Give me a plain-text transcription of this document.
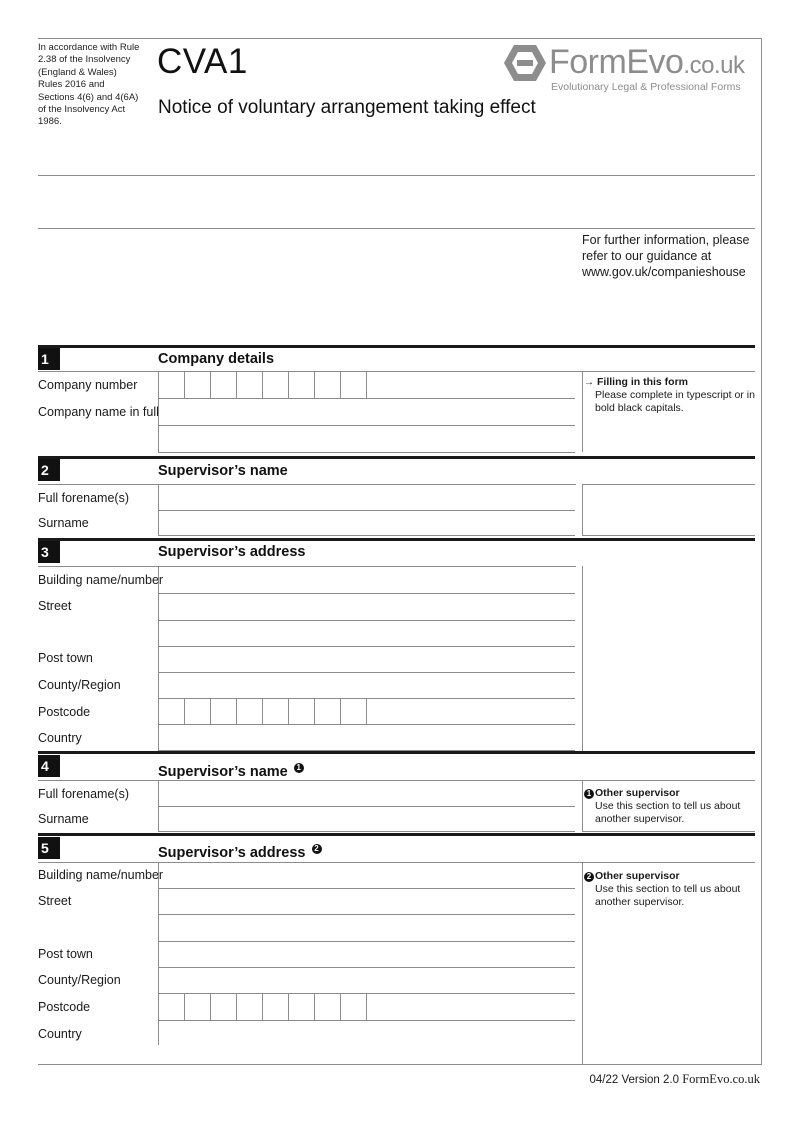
In accordance with Rule 2.38 of the Insolvency (England & Wales) Rules 2016 and Sections 4(6) and 4(6A) of the Insolvency Act 1986.
CVA1
Notice of voluntary arrangement taking effect
FormEvo.co.uk
Evolutionary Legal & Professional Forms
For further information, please refer to our guidance at www.gov.uk/companieshouse
1	Company details
Company number
Company name in full
→ Filling in this form
Please complete in typescript or in bold black capitals.
2	Supervisor’s name
Full forename(s)
Surname
3	Supervisor’s address
Building name/number
Street
Post town
County/Region
Postcode
Country
4	Supervisor’s name $^1$
Full forename(s)
Surname
1 Other supervisor
Use this section to tell us about another supervisor.
5	Supervisor’s address $^2$
Building name/number
Street
Post town
County/Region
Postcode
Country
2 Other supervisor
Use this section to tell us about another supervisor.
04/22 Version 2.0 FormEvo.co.uk
